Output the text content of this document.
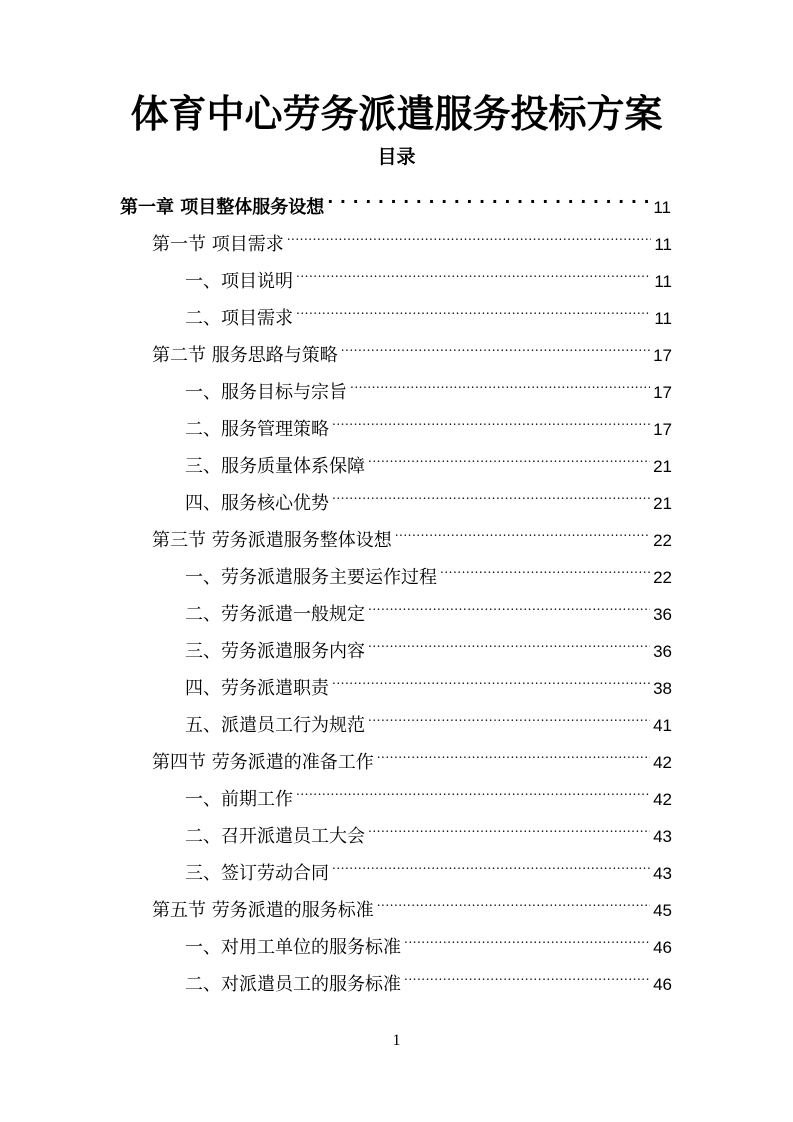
体育中心劳务派遣服务投标方案
目录
第一章 项目整体服务设想 . . .	11
第一节 项目需求 .....	11
一、项目说明 .....	11
二、项目需求 .....	11
第二节 服务思路与策略 .....	17
一、服务目标与宗旨 .....	17
二、服务管理策略 .....	17
三、服务质量体系保障 .....	21
四、服务核心优势 .....	21
第三节 劳务派遣服务整体设想 .....	22
一、劳务派遣服务主要运作过程 .....	22
二、劳务派遣一般规定 .....	36
三、劳务派遣服务内容 .....	36
四、劳务派遣职责 .....	38
五、派遣员工行为规范 .....	41
第四节 劳务派遣的准备工作 .....	42
一、前期工作 .....	42
二、召开派遣员工大会 .....	43
三、签订劳动合同 .....	43
第五节 劳务派遣的服务标准 .....	45
一、对用工单位的服务标准 .....	46
二、对派遣员工的服务标准 .....	46
1
